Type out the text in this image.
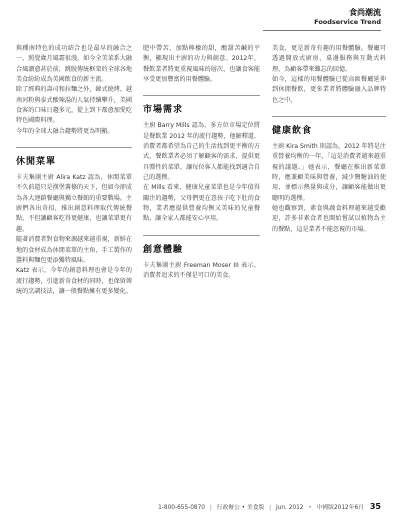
食尚潮流
Foodservice Trend

與種南特色的成功結合也是最早的融合之一，照覺歲月風霜很漫，如今全美菜系大融合風潮愈甚於前，跳脫傳統框架的全球各地美食紛紛成為美國飲食的新主流。

除了經典的壽司和拉麵之外，韓式燒烤、越南河粉與泰式酸辣湯的人氣持續攀升，美國食客的口味日趨多元，從上到下都愈加愛吃特色國際料理。

今年的全球大融合趨勢將更為明顯。

休閒菜單

卡夫集團主廚 Alira Katz 認為，休閒菜單不久前還只是漢堡薯條的天下，但如今卻成為各大連鎖餐廳與獨立餐館的重要戰場。主廚們各出奇招，推出創意料理取代傳統餐點，不但讓顧客吃得更健康，也讓菜單更有趣。

隨著消費者對食物來源越來越重視，新鮮在地的食材成為休閒菜單的主角，手工製作的醬料與麵包更添獨特風味。

Katz 表示，今年的創意料理也會是今年的流行趨勢，引進新奇食材的同時，也保留傳統的烹調技法，讓一般餐點擁有更多變化。

肥中帶苦，加點檸檬的甜，酸甜苦鹹的平衡，顯現出主廚的功力與創意。2012年，餐飲業者將更重視風味的層次，也讓食客能享受更加豐富的用餐體驗。

市場需求

主廚 Barry Mills 認為，多方位市場定位將是餐飲業 2012 年的流行趨勢，他解釋道，消費者都希望為自己的生活找到更平衡的方式，餐飲業者必須了解顧客的需求，提供更具彈性的菜單，讓每位客人都能找到適合自己的選擇。

在 Mills 看來，健康兒童菜單也是今年值得關注的趨勢，父母們更在意孩子吃下肚的食物，業者應提供營養均衡又美味的兒童餐點，讓全家人都能安心享用。

創意體驗

卡夫集團主廚 Freeman Moser III 表示，消費者追求的不僅是可口的美食。

美食，更是新奇有趣的用餐體驗。餐廳可透過開放式廚房、桌邊服務與互動式料理，為顧客帶來難忘的回憶。

如今，這樣的用餐體驗已從高級餐廳延伸到休閒餐飲，更多業者將體驗融入品牌特色之中。

健康飲食

主廚 Kira Smith 則認為，2012 年將是注重營養均衡的一年，「這是消費者越來越重視的議題。」她表示，餐廳在推出新菜單時，應兼顧美味與營養，減少鹽糖油的使用，並標示熱量與成分，讓顧客能做出更聰明的選擇。

她也觀察到，素食與蔬食料理越來越受歡迎，許多非素食者也開始嘗試以植物為主的餐點，這是業者不能忽視的市場。

1-800-655-0870 | 行政辦公 • 美食版 | Jun. 2012 • 中國版2012年6月 35
